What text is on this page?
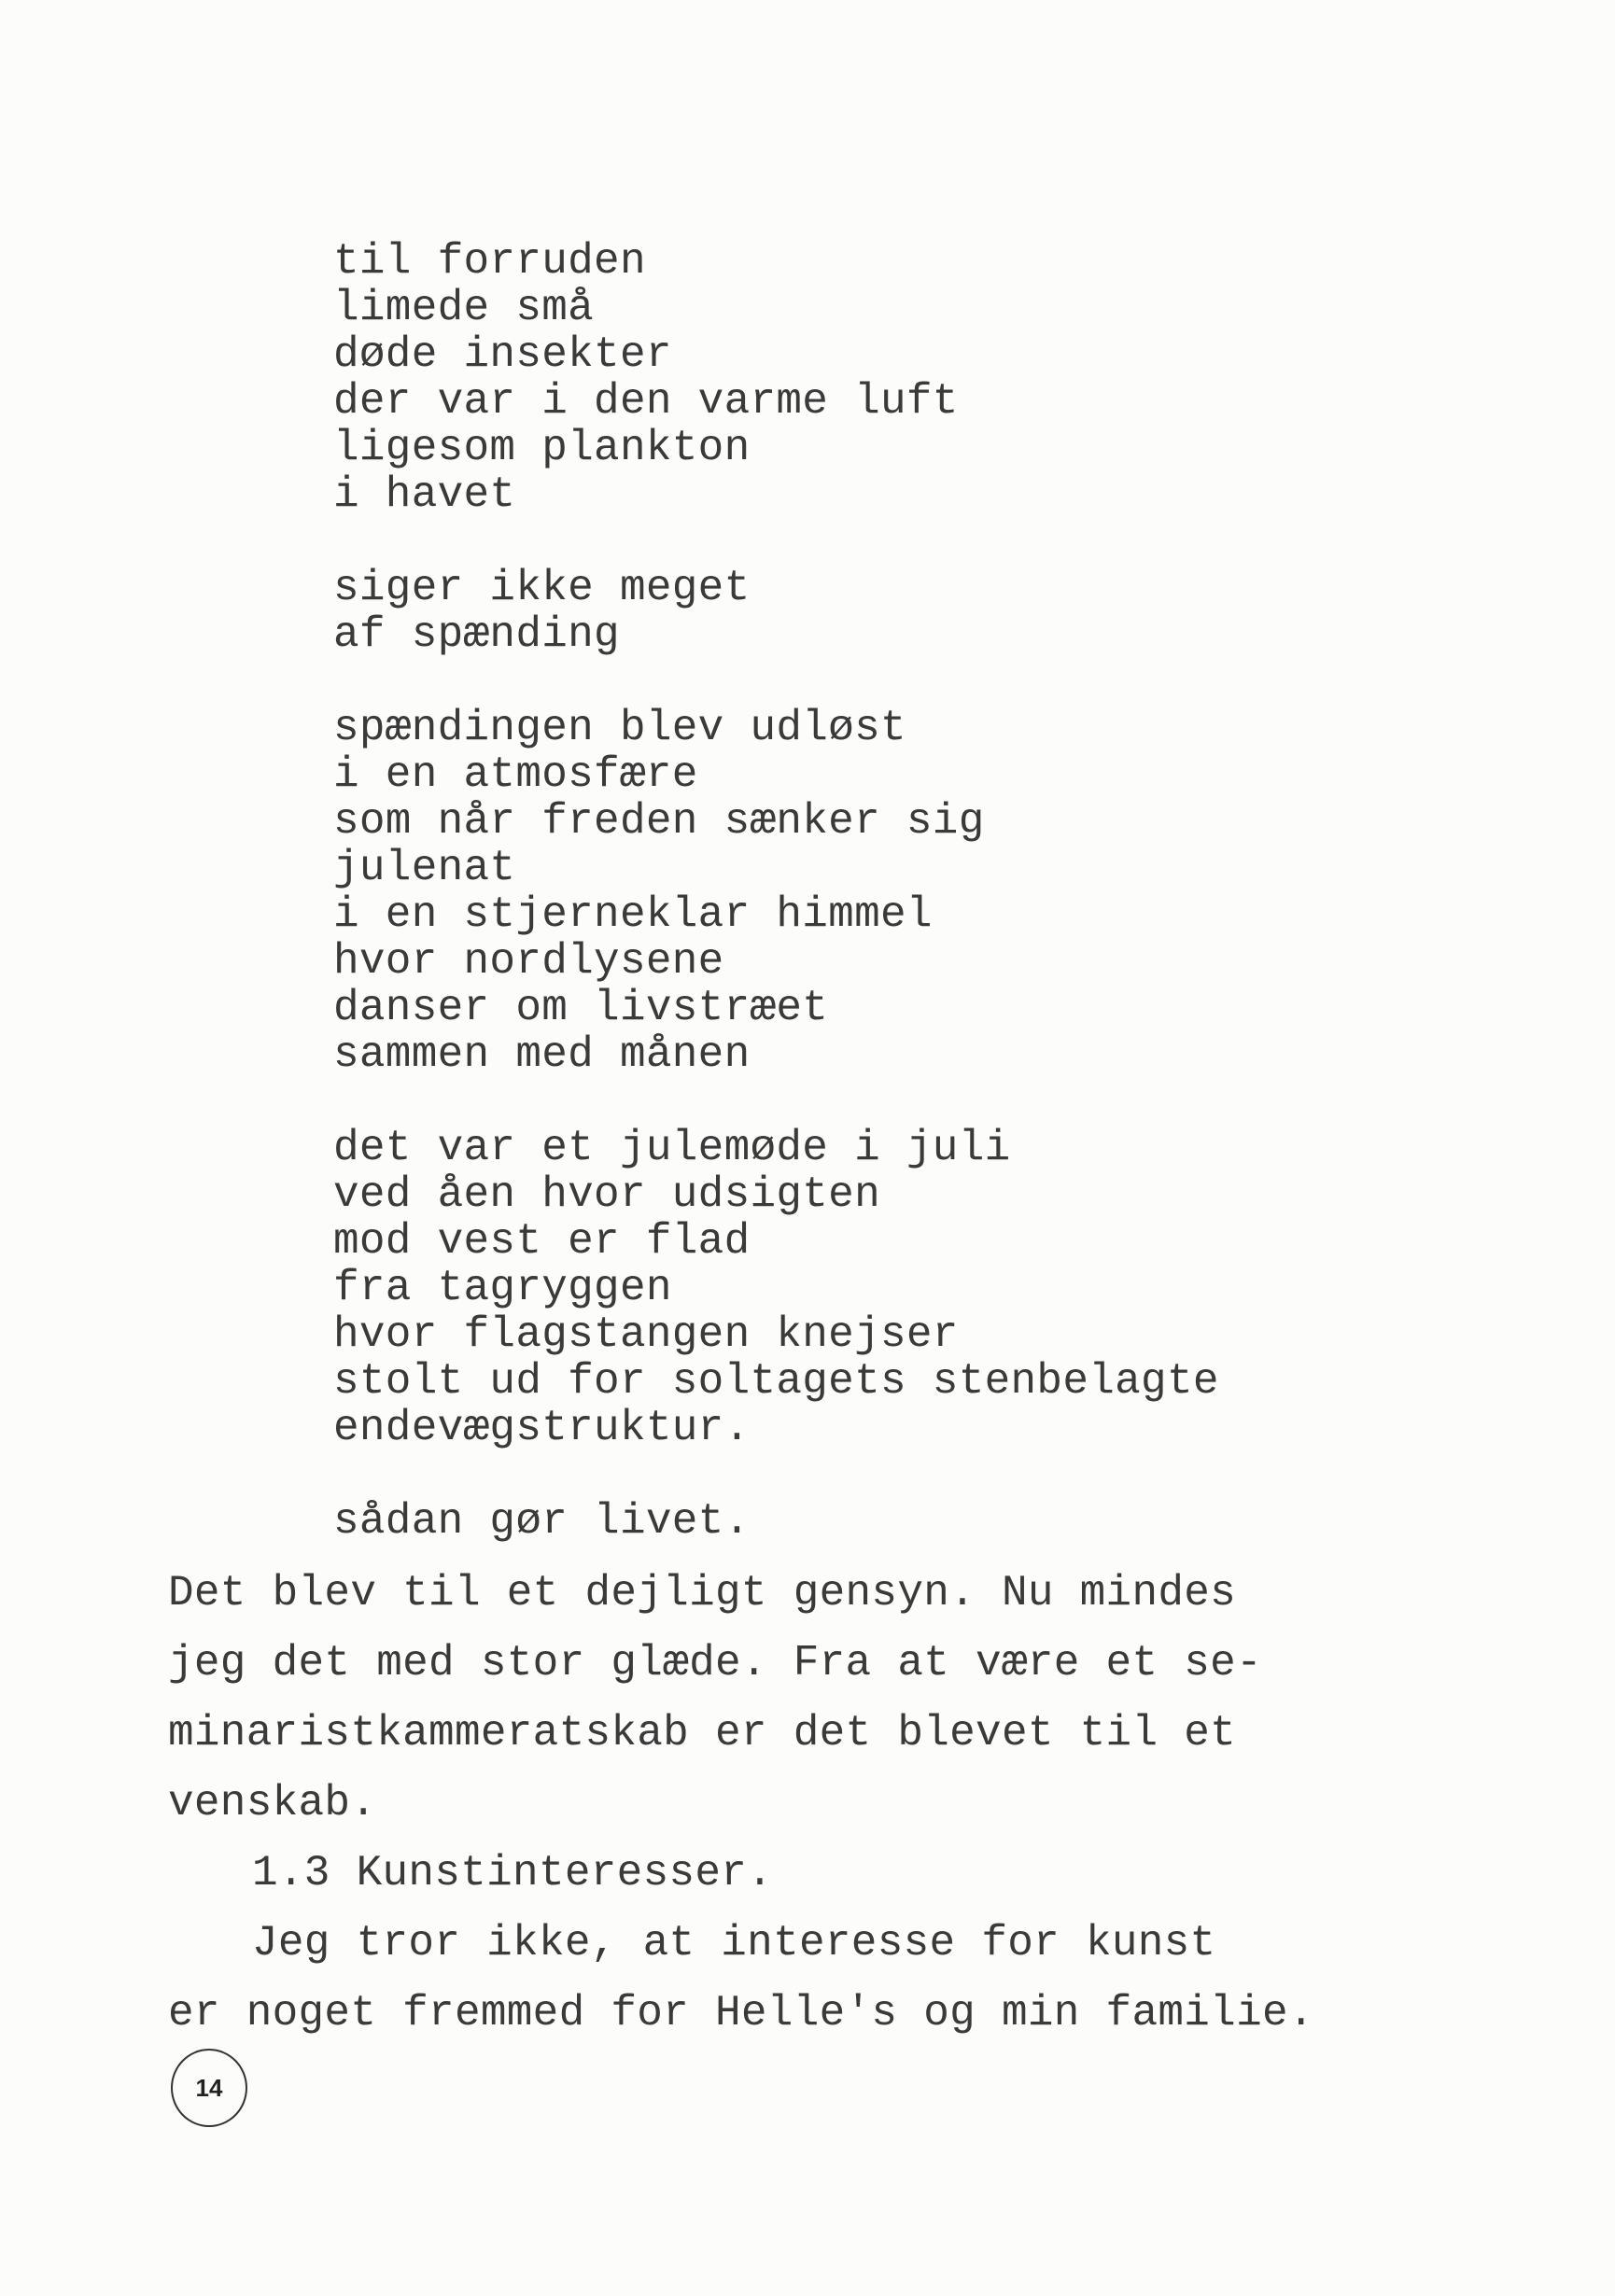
til forruden
limede små
døde insekter
der var i den varme luft
ligesom plankton
i havet
siger ikke meget
af spænding
spændingen blev udløst
i en atmosfære
som når freden sænker sig
julenat
i en stjerneklar himmel
hvor nordlysene
danser om livstræet
sammen med månen
det var et julemøde i juli
ved åen hvor udsigten
mod vest er flad
fra tagryggen
hvor flagstangen knejser
stolt ud for soltagets stenbelagte
endevægstruktur.
sådan gør livet.
Det blev til et dejligt gensyn. Nu mindes
jeg det med stor glæde. Fra at være et se-
minaristkammeratskab er det blevet til et
venskab.
1.3 Kunstinteresser.
Jeg tror ikke, at interesse for kunst
er noget fremmed for Helle's og min familie.
14
